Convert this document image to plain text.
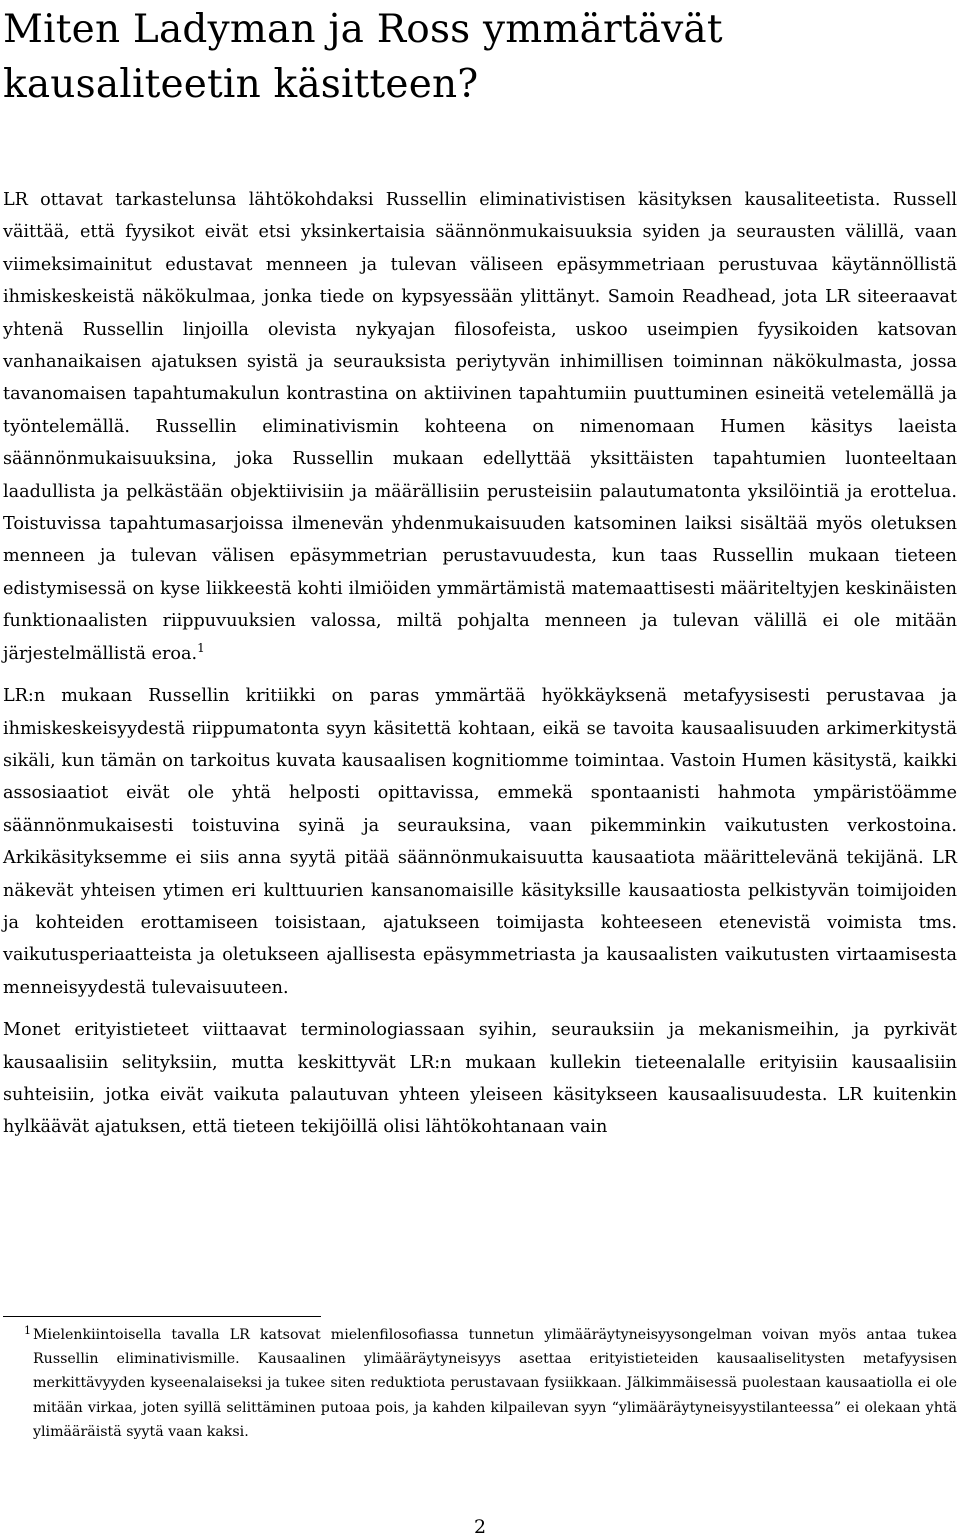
Miten Ladyman ja Ross ymmärtävät kausaliteetin käsitteen?

LR ottavat tarkastelunsa lähtökohdaksi Russellin eliminativistisen käsityksen kausaliteetista. Russell väittää, että fyysikot eivät etsi yksinkertaisia säännönmukaisuuksia syiden ja seurausten välillä, vaan viimeksimainitut edustavat menneen ja tulevan väliseen epäsymmetriaan perustuvaa käytännöllistä ihmiskeskeistä näkökulmaa, jonka tiede on kypsyessään ylittänyt. Samoin Readhead, jota LR siteeraavat yhtenä Russellin linjoilla olevista nykyajan filosofeista, uskoo useimpien fyysikoiden katsovan vanhanaikaisen ajatuksen syistä ja seurauksista periytyvän inhimillisen toiminnan näkökulmasta, jossa tavanomaisen tapahtumakulun kontrastina on aktiivinen tapahtumiin puuttuminen esineitä vetelemällä ja työntelemällä. Russellin eliminativismin kohteena on nimenomaan Humen käsitys laeista säännönmukaisuuksina, joka Russellin mukaan edellyttää yksittäisten tapahtumien luonteeltaan laadullista ja pelkästään objektiivisiin ja määrällisiin perusteisiin palautumatonta yksilöintiä ja erottelua. Toistuvissa tapahtumasarjoissa ilmenevän yhdenmukaisuuden katsominen laiksi sisältää myös oletuksen menneen ja tulevan välisen epäsymmetrian perustavuudesta, kun taas Russellin mukaan tieteen edistymisessä on kyse liikkeestä kohti ilmiöiden ymmärtämistä matemaattisesti määriteltyjen keskinäisten funktionaalisten riippuvuuksien valossa, miltä pohjalta menneen ja tulevan välillä ei ole mitään järjestelmällistä eroa.$^1$

LR:n mukaan Russellin kritiikki on paras ymmärtää hyökkäyksenä metafyysisesti perustavaa ja ihmiskeskeisyydestä riippumatonta syyn käsitettä kohtaan, eikä se tavoita kausaalisuuden arkimerkitystä sikäli, kun tämän on tarkoitus kuvata kausaalisen kognitiomme toimintaa. Vastoin Humen käsitystä, kaikki assosiaatiot eivät ole yhtä helposti opittavissa, emmekä spontaanisti hahmota ympäristöämme säännönmukaisesti toistuvina syinä ja seurauksina, vaan pikemminkin vaikutusten verkostoina. Arkikäsityksemme ei siis anna syytä pitää säännönmukaisuutta kausaatiota määrittelevänä tekijänä. LR näkevät yhteisen ytimen eri kulttuurien kansanomaisille käsityksille kausaatiosta pelkistyvän toimijoiden ja kohteiden erottamiseen toisistaan, ajatukseen toimijasta kohteeseen etenevistä voimista tms. vaikutusperiaatteista ja oletukseen ajallisesta epäsymmetriasta ja kausaalisten vaikutusten virtaamisesta menneisyydestä tulevaisuuteen.

Monet erityistieteet viittaavat terminologiassaan syihin, seurauksiin ja mekanismeihin, ja pyrkivät kausaalisiin selityksiin, mutta keskittyvät LR:n mukaan kullekin tieteenalalle erityisiin kausaalisiin suhteisiin, jotka eivät vaikuta palautuvan yhteen yleiseen käsitykseen kausaalisuudesta. LR kuitenkin hylkäävät ajatuksen, että tieteen tekijöillä olisi lähtökohtanaan vain

1 Mielenkiintoisella tavalla LR katsovat mielenfilosofiassa tunnetun ylimääräytyneisyysongelman voivan myös antaa tukea Russellin eliminativismille. Kausaalinen ylimääräytyneisyys asettaa erityistieteiden kausaaliselitysten metafyysisen merkittävyyden kyseenalaiseksi ja tukee siten reduktiota perustavaan fysiikkaan. Jälkimmäisessä puolestaan kausaatiolla ei ole mitään virkaa, joten syillä selittäminen putoaa pois, ja kahden kilpailevan syyn “ylimääräytyneisyystilanteessa” ei olekaan yhtä ylimääräistä syytä vaan kaksi.
2
